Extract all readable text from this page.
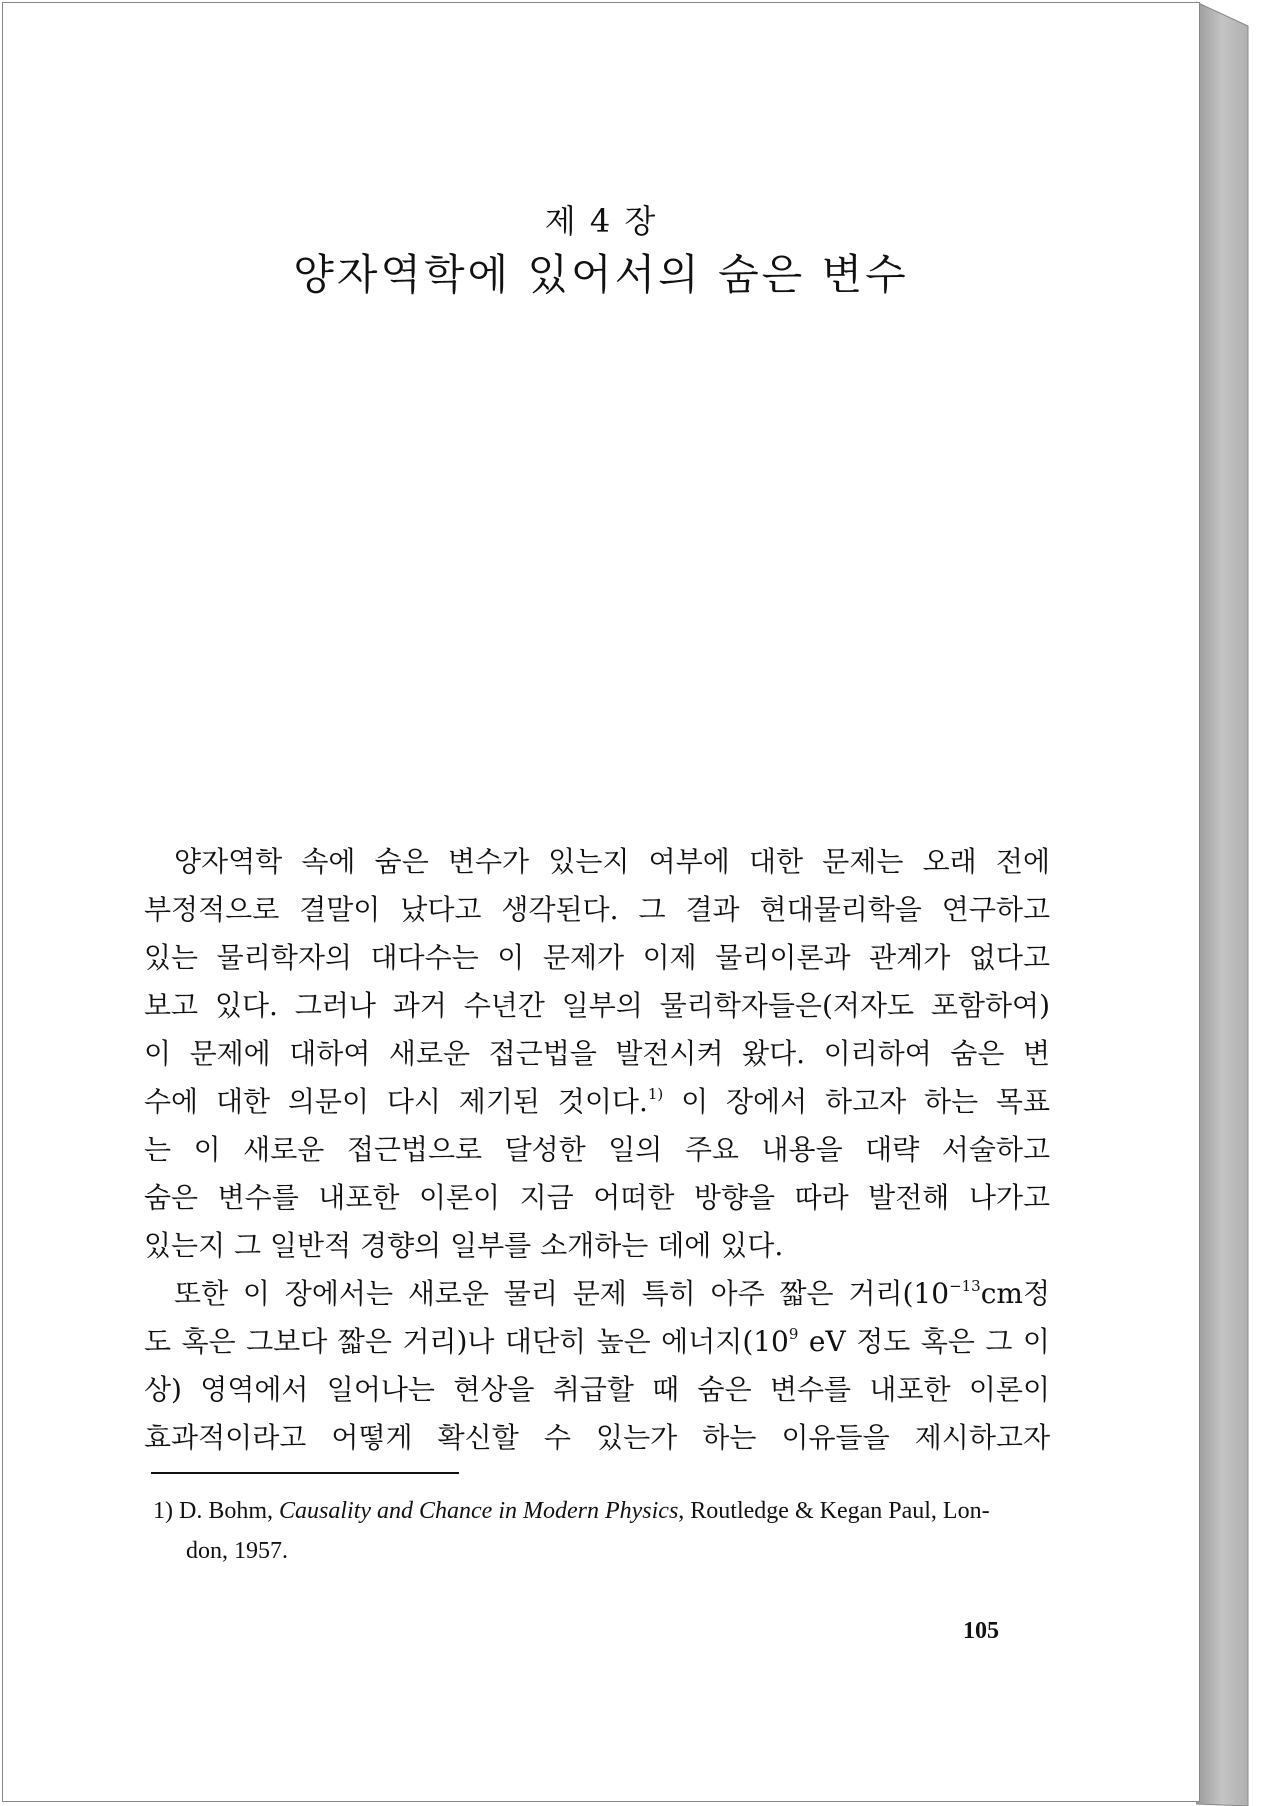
제 4 장
양자역학에 있어서의 숨은 변수
양자역학 속에 숨은 변수가 있는지 여부에 대한 문제는 오래 전에
부정적으로 결말이 났다고 생각된다. 그 결과 현대물리학을 연구하고
있는 물리학자의 대다수는 이 문제가 이제 물리이론과 관계가 없다고
보고 있다. 그러나 과거 수년간 일부의 물리학자들은(저자도 포함하여)
이 문제에 대하여 새로운 접근법을 발전시켜 왔다. 이리하여 숨은 변
수에 대한 의문이 다시 제기된 것이다.$^{1)}$ 이 장에서 하고자 하는 목표
는 이 새로운 접근법으로 달성한 일의 주요 내용을 대략 서술하고
숨은 변수를 내포한 이론이 지금 어떠한 방향을 따라 발전해 나가고
있는지 그 일반적 경향의 일부를 소개하는 데에 있다.
또한 이 장에서는 새로운 물리 문제 특히 아주 짧은 거리($10^{-13}cm$정
도 혹은 그보다 짧은 거리)나 대단히 높은 에너지($10^9$ eV 정도 혹은 그 이
상) 영역에서 일어나는 현상을 취급할 때 숨은 변수를 내포한 이론이
효과적이라고 어떻게 확신할 수 있는가 하는 이유들을 제시하고자
1) D. Bohm, Causality and Chance in Modern Physics, Routledge & Kegan Paul, Lon-
don, 1957.
105
